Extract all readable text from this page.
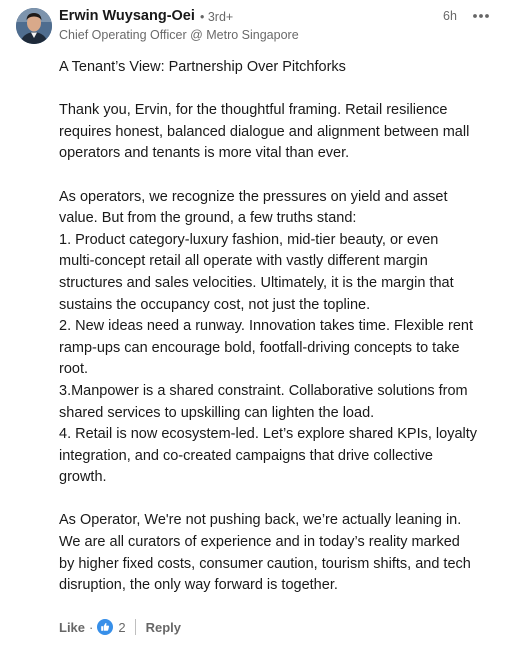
Erwin Wuysang-Oei • 3rd+
Chief Operating Officer @ Metro Singapore
6h
A Tenant’s View: Partnership Over Pitchforks
Thank you, Ervin, for the thoughtful framing. Retail resilience
requires honest, balanced dialogue and alignment between mall
operators and tenants is more vital than ever.
As operators, we recognize the pressures on yield and asset
value. But from the ground, a few truths stand:
1. Product category-luxury fashion, mid-tier beauty, or even
multi-concept retail all operate with vastly different margin
structures and sales velocities. Ultimately, it is the margin that
sustains the occupancy cost, not just the topline.
2. New ideas need a runway. Innovation takes time. Flexible rent
ramp-ups can encourage bold, footfall-driving concepts to take
root.
3.Manpower is a shared constraint. Collaborative solutions from
shared services to upskilling can lighten the load.
4. Retail is now ecosystem-led. Let’s explore shared KPIs, loyalty
integration, and co-created campaigns that drive collective
growth.
As Operator, We're not pushing back, we’re actually leaning in.
We are all curators of experience and in today’s reality marked
by higher fixed costs, consumer caution, tourism shifts, and tech
disruption, the only way forward is together.
Like · 2 Reply
